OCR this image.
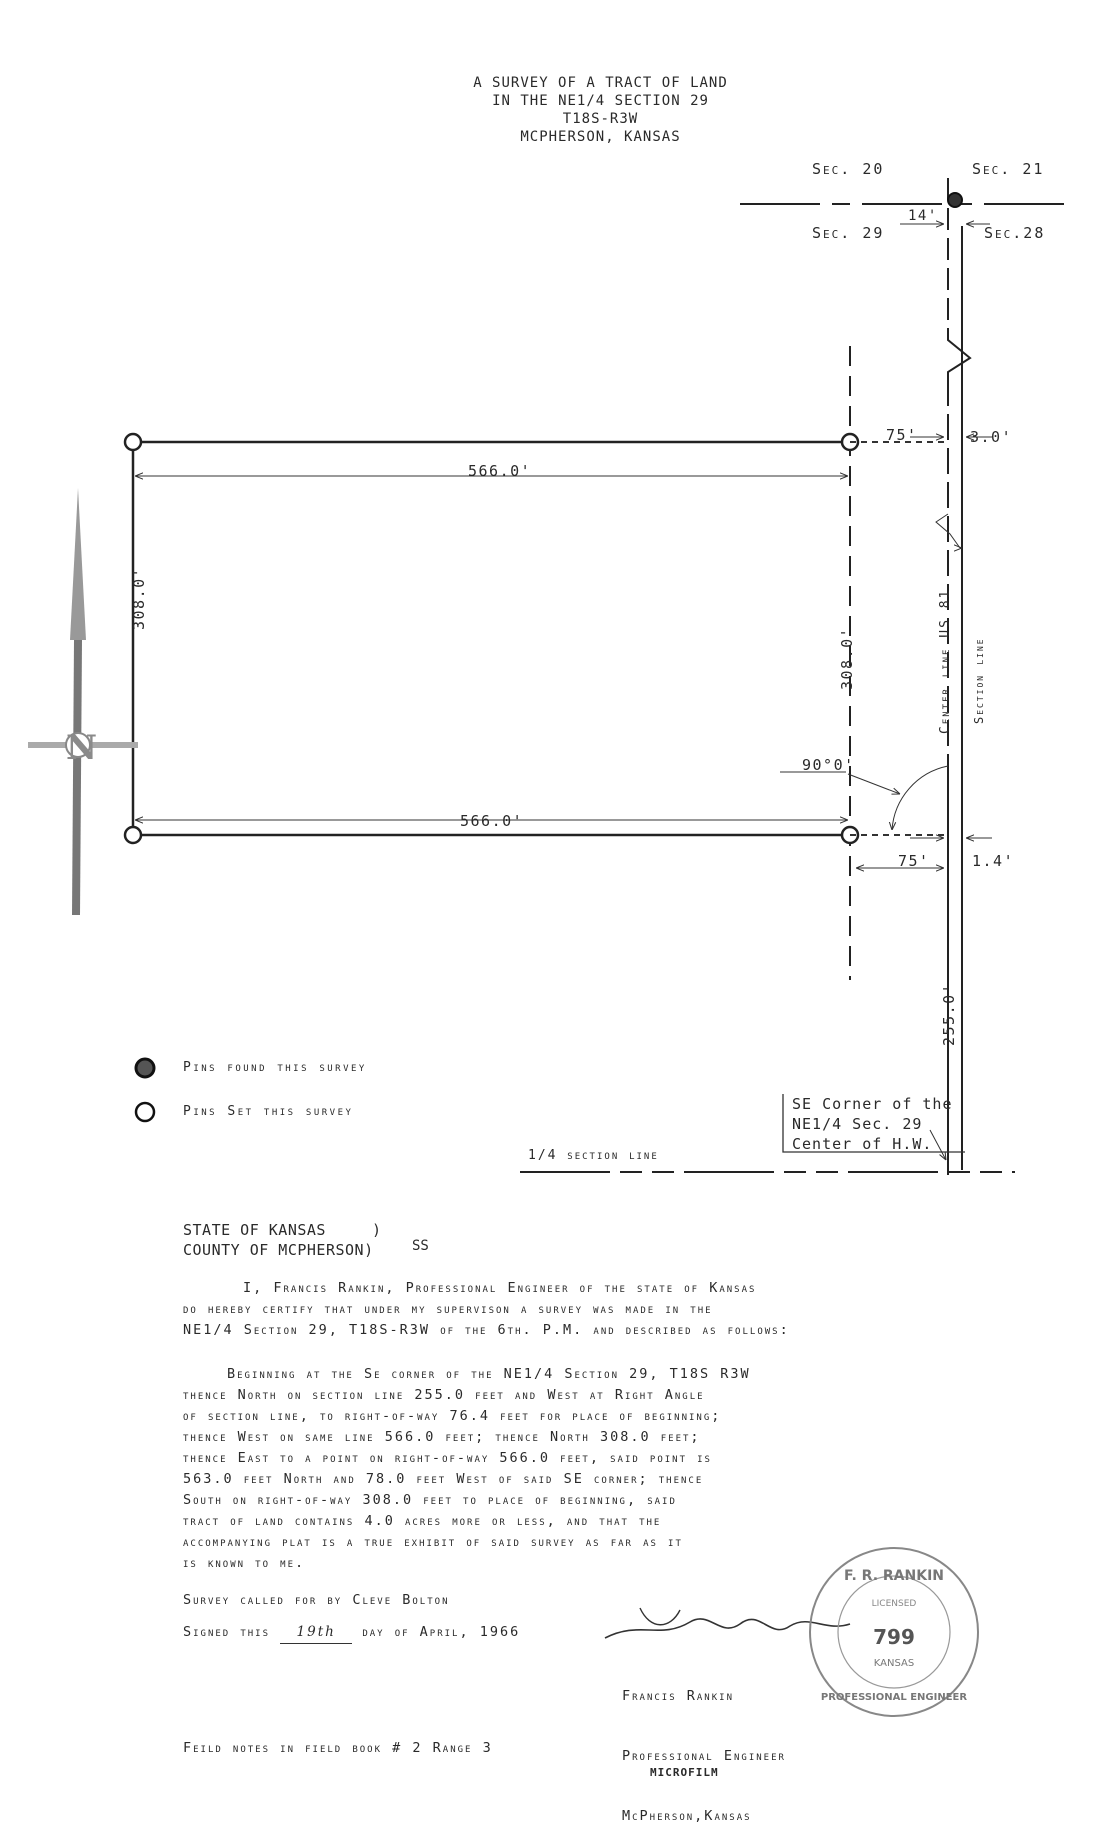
A SURVEY OF A TRACT OF LAND
IN THE NE1/4 SECTION 29
T18S-R3W
MCPHERSON, KANSAS
Sec. 20	Sec. 21
Sec. 29	Sec.28
14'
566.0'
566.0'
308.0'
308.0'
90°0'
75'
75'
3.0'
1.4'
255.0'
Center line US 81 Section line
N
1/4 section line
SE Corner of the
NE1/4 Sec. 29
Center of H.W.
Pins found this survey
Pins Set this survey
STATE OF KANSAS	)
COUNTY OF MCPHERSON)	SS
I, Francis Rankin, Professional Engineer of the state of Kansas
do hereby certify that under my supervison a survey was made in the
NE1/4 Section 29, T18S-R3W of the 6th. P.M. and described as follows:
Beginning at the Se corner of the NE1/4 Section 29, T18S R3W
thence North on section line 255.0 feet and West at Right Angle
of section line, to right-of-way 76.4 feet for place of beginning;
thence West on same line 566.0 feet; thence North 308.0 feet;
thence East to a point on right-of-way 566.0 feet, said point is
563.0 feet North and 78.0 feet West of said SE corner; thence
South on right-of-way 308.0 feet to place of beginning, said
tract of land contains 4.0 acres more or less, and that the
accompanying plat is a true exhibit of said survey as far as it
is known to me.
Survey called for by Cleve Bolton
Signed this 19th day of April, 1966

Francis Rankin

Professional Engineer

McPherson,Kansas

F. R. RANKIN
LICENSED
799
KANSAS
PROFESSIONAL ENGINEER
Feild notes in field book # 2 Range 3
MICROFILM
